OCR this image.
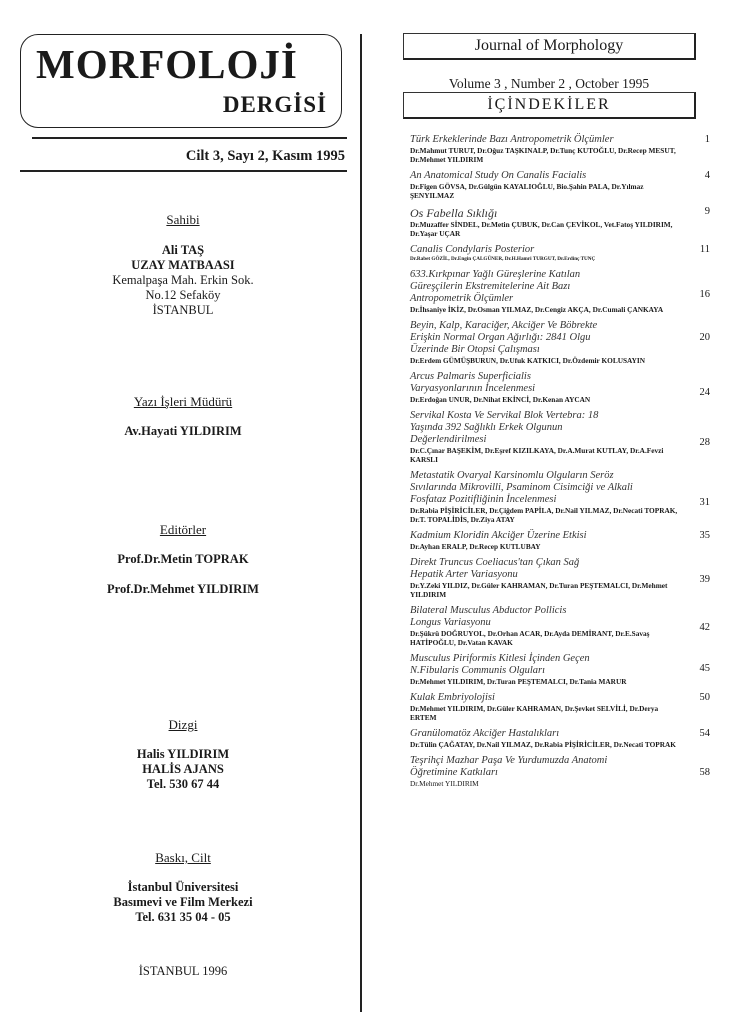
MORFOLOJİ
DERGİSİ
Cilt 3, Sayı 2, Kasım 1995
Sahibi
Ali TAŞ
UZAY MATBAASI
Kemalpaşa Mah. Erkin Sok.
No.12 Sefaköy
İSTANBUL
Yazı İşleri Müdürü
Av.Hayati YILDIRIM
Editörler
Prof.Dr.Metin TOPRAK
Prof.Dr.Mehmet YILDIRIM
Dizgi
Halis YILDIRIM
HALİS AJANS
Tel. 530 67 44
Baskı, Cilt
İstanbul Üniversitesi
Basımevi ve Film Merkezi
Tel. 631 35 04 - 05
İSTANBUL 1996
Journal of Morphology
Volume 3 , Number 2 , October 1995
İÇİNDEKİLER
Türk Erkeklerinde Bazı Antropometrik Ölçümler
Dr.Mahmut TURUT, Dr.Oğuz TAŞKINALP, Dr.Tunç KUTOĞLU, Dr.Recep MESUT, Dr.Mehmet YILDIRIM
1
An Anatomical Study On Canalis Facialis
Dr.Figen GÖVSA, Dr.Gülgün KAYALIOĞLU, Bio.Şahin PALA, Dr.Yılmaz ŞENYILMAZ
4
Os Fabella Sıklığı
Dr.Muzaffer SİNDEL, Dr.Metin ÇUBUK, Dr.Can ÇEVİKOL, Vet.Fatoş YILDIRIM, Dr.Yaşar UÇAR
9
Canalis Condylaris Posterior
Dr.Rabet GÖZİL, Dr.Engin ÇALGÜNER, Dr.H.Hamri TURGUT, Dr.Erdinç TUNÇ
11
633.Kırkpınar Yağlı Güreşlerine Katılan Güreşçilerin Ekstremitelerine Ait Bazı Antropometrik Ölçümler
Dr.İhsaniye İKİZ, Dr.Osman YILMAZ, Dr.Cengiz AKÇA, Dr.Cumali ÇANKAYA
16
Beyin, Kalp, Karaciğer, Akciğer Ve Böbrekte Erişkin Normal Organ Ağırlığı: 2841 Olgu Üzerinde Bir Otopsi Çalışması
Dr.Erdem GÜMÜŞBURUN, Dr.Ufuk KATKICI, Dr.Özdemir KOLUSAYIN
20
Arcus Palmaris Superficialis Varyasyonlarının İncelenmesi
Dr.Erdoğan UNUR, Dr.Nihat EKİNCİ, Dr.Kenan AYCAN
24
Servikal Kosta Ve Servikal Blok Vertebra: 18 Yaşında 392 Sağlıklı Erkek Olgunun Değerlendirilmesi
Dr.C.Çınar BAŞEKİM, Dr.Eşref KIZILKAYA, Dr.A.Murat KUTLAY, Dr.A.Fevzi KARSLI
28
Metastatik Ovaryal Karsinomlu Olguların Seröz Sıvılarında Mikrovilli, Psaminom Cisimciği ve Alkali Fosfataz Pozitifliğinin İncelenmesi
Dr.Rabia PİŞİRİCİLER, Dr.Çiğdem PAPİLA, Dr.Nail YILMAZ, Dr.Necati TOPRAK, Dr.T. TOPALİDİS, Dr.Ziya ATAY
31
Kadmium Kloridin Akciğer Üzerine Etkisi
Dr.Ayhan ERALP, Dr.Recep KUTLUBAY
35
Direkt Truncus Coeliacus'tan Çıkan Sağ Hepatik Arter Variasyonu
Dr.Y.Zeki YILDIZ, Dr.Güler KAHRAMAN, Dr.Turan PEŞTEMALCI, Dr.Mehmet YILDIRIM
39
Bilateral Musculus Abductor Pollicis Longus Variasyonu
Dr.Şükrü DOĞRUYOL, Dr.Orhan ACAR, Dr.Ayda DEMİRANT, Dr.E.Savaş HATİPOĞLU, Dr.Vatan KAVAK
42
Musculus Piriformis Kitlesi İçinden Geçen N.Fibularis Communis Olguları
Dr.Mehmet YILDIRIM, Dr.Turan PEŞTEMALCI, Dr.Tania MARUR
45
Kulak Embriyolojisi
Dr.Mehmet YILDIRIM, Dr.Güler KAHRAMAN, Dr.Şevket SELVİLİ, Dr.Derya ERTEM
50
Granülomatöz Akciğer Hastalıkları
Dr.Tülin ÇAĞATAY, Dr.Nail YILMAZ, Dr.Rabia PİŞİRİCİLER, Dr.Necati TOPRAK
54
Teşrihçi Mazhar Paşa Ve Yurdumuzda Anatomi Öğretimine Katkıları
Dr.Mehmet YILDIRIM
58
